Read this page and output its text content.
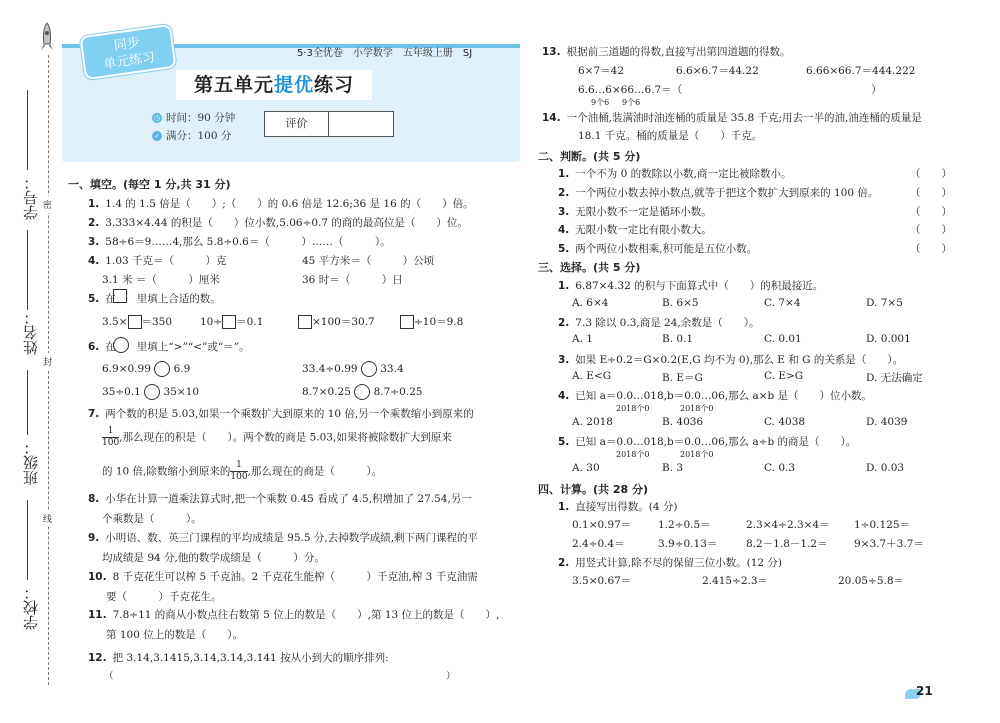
学号：
姓名：
班级：
学校：
密
封
线
同步
单元练习	5·3全优卷　小学数学　五年级上册　SJ
第五单元提优练习
◷ 时间：90 分钟
✓ 满分：100 分
评价
一、填空。(每空 1 分,共 31 分)
1. 1.4 的 1.5 倍是（　　）;（　　）的 0.6 倍是 12.6;36 是 16 的（　　）倍。
2. 3.333×4.44 的积是（　　）位小数,5.06÷0.7 的商的最高位是（　　）位。
3. 58÷6＝9……4,那么 5.8÷0.6＝（　　　）……（　　　）。
4. 1.03 千克＝（　　　）克	45 平方米＝（　　　）公顷
3.1 米 ＝（　　　）厘米	36 时＝（　　　）日
5. 在　　里填上合适的数。
3.5× ＝350	10÷ ＝0.1	×100＝30.7	÷10＝9.8
6. 在　　里填上“>”“<”或“＝”。
6.9×0.99 6.9	33.4÷0.99 33.4
35÷0.1 35×10	8.7×0.25 8.7÷0.25
7. 两个数的积是 5.03,如果一个乘数扩大到原来的 10 倍,另一个乘数缩小到原来的
$\frac{1}{100}$ ,那么现在的积是（　　）。两个数的商是 5.03,如果将被除数扩大到原来
的 10 倍,除数缩小到原来的 $\frac{1}{100}$ ,那么现在的商是（　　　）。
8. 小华在计算一道乘法算式时,把一个乘数 0.45 看成了 4.5,积增加了 27.54,另一
个乘数是（　　　）。
9. 小明语、数、英三门课程的平均成绩是 95.5 分,去掉数学成绩,剩下两门课程的平
均成绩是 94 分,他的数学成绩是（　　　）分。
10. 8 千克花生可以榨 5 千克油。2 千克花生能榨（　　　）千克油,榨 3 千克油需
要（　　　）千克花生。
11. 7.8÷11 的商从小数点往右数第 5 位上的数是（　　）,第 13 位上的数是（　　）,
第 100 位上的数是（　　）。
12. 把 3.14,3.1415,3.14,3.14,3.141 按从小到大的顺序排列:
（　　　　　　　　　　　　　　　　　　　　　　　　　　　　　　　　　　　）
13. 根据前三道题的得数,直接写出第四道题的得数。
6×7＝42	6.6×6.7＝44.22	6.66×66.7＝444.222
6.6…6×66…6.7＝（　　　　　　　　　　　　　　　　　　）
9个6 9个6
14. 一个油桶,装满油时油连桶的质量是 35.8 千克;用去一半的油,油连桶的质量是
18.1 千克。桶的质量是（　　）千克。
二、判断。(共 5 分)
1. 一个不为 0 的数除以小数,商一定比被除数小。	（　　）
2. 一个两位小数去掉小数点,就等于把这个数扩大到原来的 100 倍。	（　　）
3. 无限小数不一定是循环小数。	（　　）
4. 无限小数一定比有限小数大。	（　　）
5. 两个两位小数相乘,积可能是五位小数。	（　　）
三、选择。(共 5 分)
1. 6.87×4.32 的积与下面算式中（　　）的积最接近。
A. 6×4	B. 6×5	C. 7×4	D. 7×5
2. 7.3 除以 0.3,商是 24,余数是（　　）。
A. 1	B. 0.1	C. 0.01	D. 0.001
3. 如果 E÷0.2＝G×0.2(E,G 均不为 0),那么 E 和 G 的关系是（　　）。
A. E<G	B. E＝G	C. E>G	D. 无法确定
4. 已知 a＝0.0…018,b＝0.0…06,那么 a×b 是（　　）位小数。
2018个0	2018个0
A. 2018	B. 4036	C. 4038	D. 4039
5. 已知 a＝0.0…018,b＝0.0…06,那么 a÷b 的商是（　　）。
2018个0	2018个0
A. 30	B. 3	C. 0.3	D. 0.03
四、计算。(共 28 分)
1. 直接写出得数。(4 分)
0.1×0.97＝	1.2÷0.5＝	2.3×4÷2.3×4＝ 1÷0.125＝
2.4÷0.4＝	3.9÷0.13＝	8.2－1.8－1.2＝	9×3.7＋3.7＝
2. 用竖式计算,除不尽的保留三位小数。(12 分)
3.5×0.67＝	2.415÷2.3＝	20.05÷5.8＝
21
